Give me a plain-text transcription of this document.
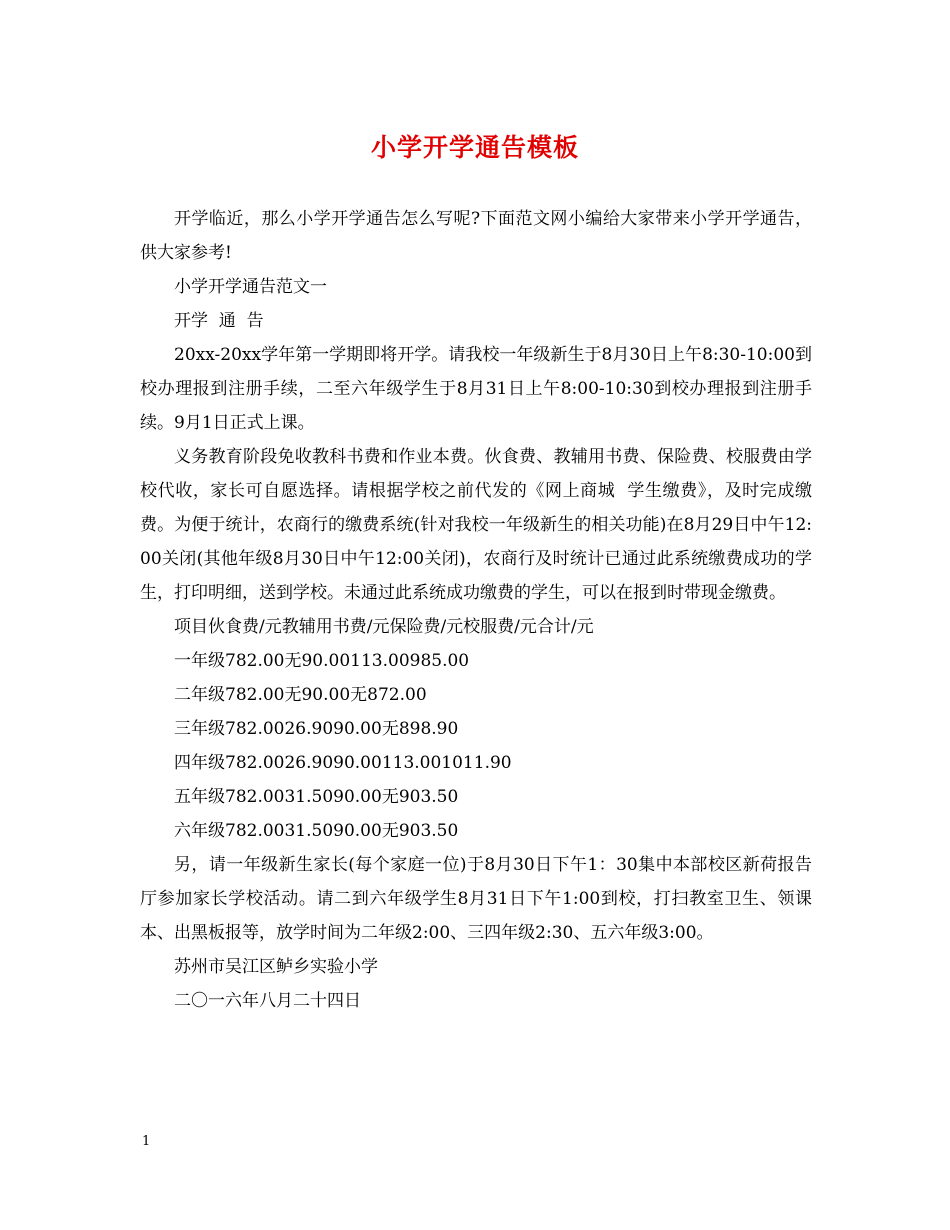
小学开学通告模板

开学临近，那么小学开学通告怎么写呢?下面范文网小编给大家带来小学开学通告，供大家参考!

小学开学通告范文一

开学  通  告

20xx-20xx学年第一学期即将开学。请我校一年级新生于8月30日上午8:30-10:00到校办理报到注册手续，二至六年级学生于8月31日上午8:00-10:30到校办理报到注册手续。9月1日正式上课。

义务教育阶段免收教科书费和作业本费。伙食费、教辅用书费、保险费、校服费由学校代收，家长可自愿选择。请根据学校之前代发的《网上商城  学生缴费》，及时完成缴费。为便于统计，农商行的缴费系统(针对我校一年级新生的相关功能)在8月29日中午12:00关闭(其他年级8月30日中午12:00关闭)，农商行及时统计已通过此系统缴费成功的学生，打印明细，送到学校。未通过此系统成功缴费的学生，可以在报到时带现金缴费。

项目伙食费/元教辅用书费/元保险费/元校服费/元合计/元

一年级782.00无90.00113.00985.00

二年级782.00无90.00无872.00

三年级782.0026.9090.00无898.90

四年级782.0026.9090.00113.001011.90

五年级782.0031.5090.00无903.50

六年级782.0031.5090.00无903.50

另，请一年级新生家长(每个家庭一位)于8月30日下午1：30集中本部校区新荷报告厅参加家长学校活动。请二到六年级学生8月31日下午1:00到校，打扫教室卫生、领课本、出黑板报等，放学时间为二年级2:00、三四年级2:30、五六年级3:00。

苏州市吴江区鲈乡实验小学

二〇一六年八月二十四日

1
